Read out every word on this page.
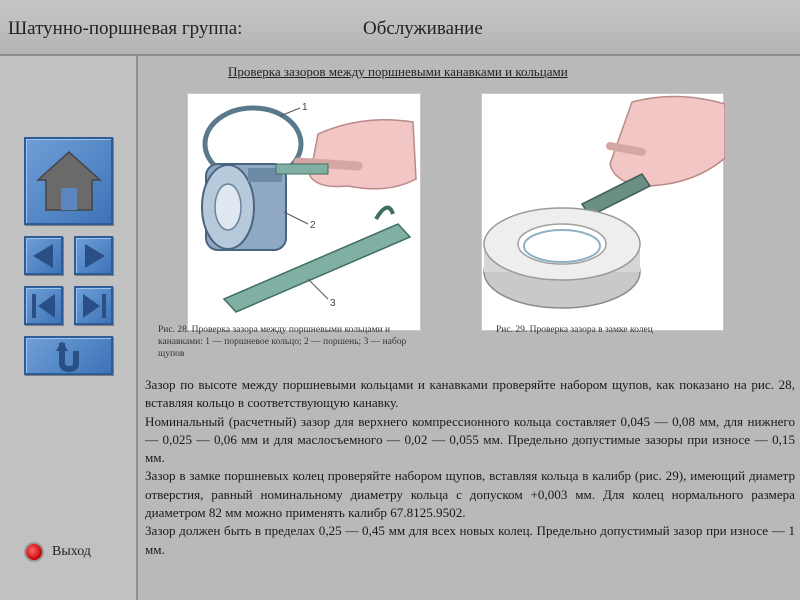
Шатунно-поршневая группа:	Обслуживание
Выход
Проверка зазоров между поршневыми канавками и кольцами
1
2
3
Рис. 28. Проверка зазора между поршневыми кольцами и канавками: 1 — поршневое кольцо; 2 — поршень; 3 — набор щупов
Рис. 29. Проверка зазора в замке колец

Зазор по высоте между поршневыми кольцами и канавками проверяйте набором щупов, как показано на рис. 28, вставляя кольцо в соответствующую канавку.

Номинальный (расчетный) зазор для верхнего компрессионного кольца составляет 0,045 — 0,08 мм, для нижнего — 0,025 — 0,06 мм и для маслосъемного — 0,02 — 0,055 мм. Предельно допустимые зазоры при износе — 0,15 мм.

Зазор в замке поршневых колец проверяйте набором щупов, вставляя кольца в калибр (рис. 29), имеющий диаметр отверстия, равный номинальному диаметру кольца с допуском +0,003 мм. Для колец нормального размера диаметром 82 мм можно применять калибр 67.8125.9502.

Зазор должен быть в пределах 0,25 — 0,45 мм для всех новых колец. Предельно допустимый зазор при износе — 1 мм.
